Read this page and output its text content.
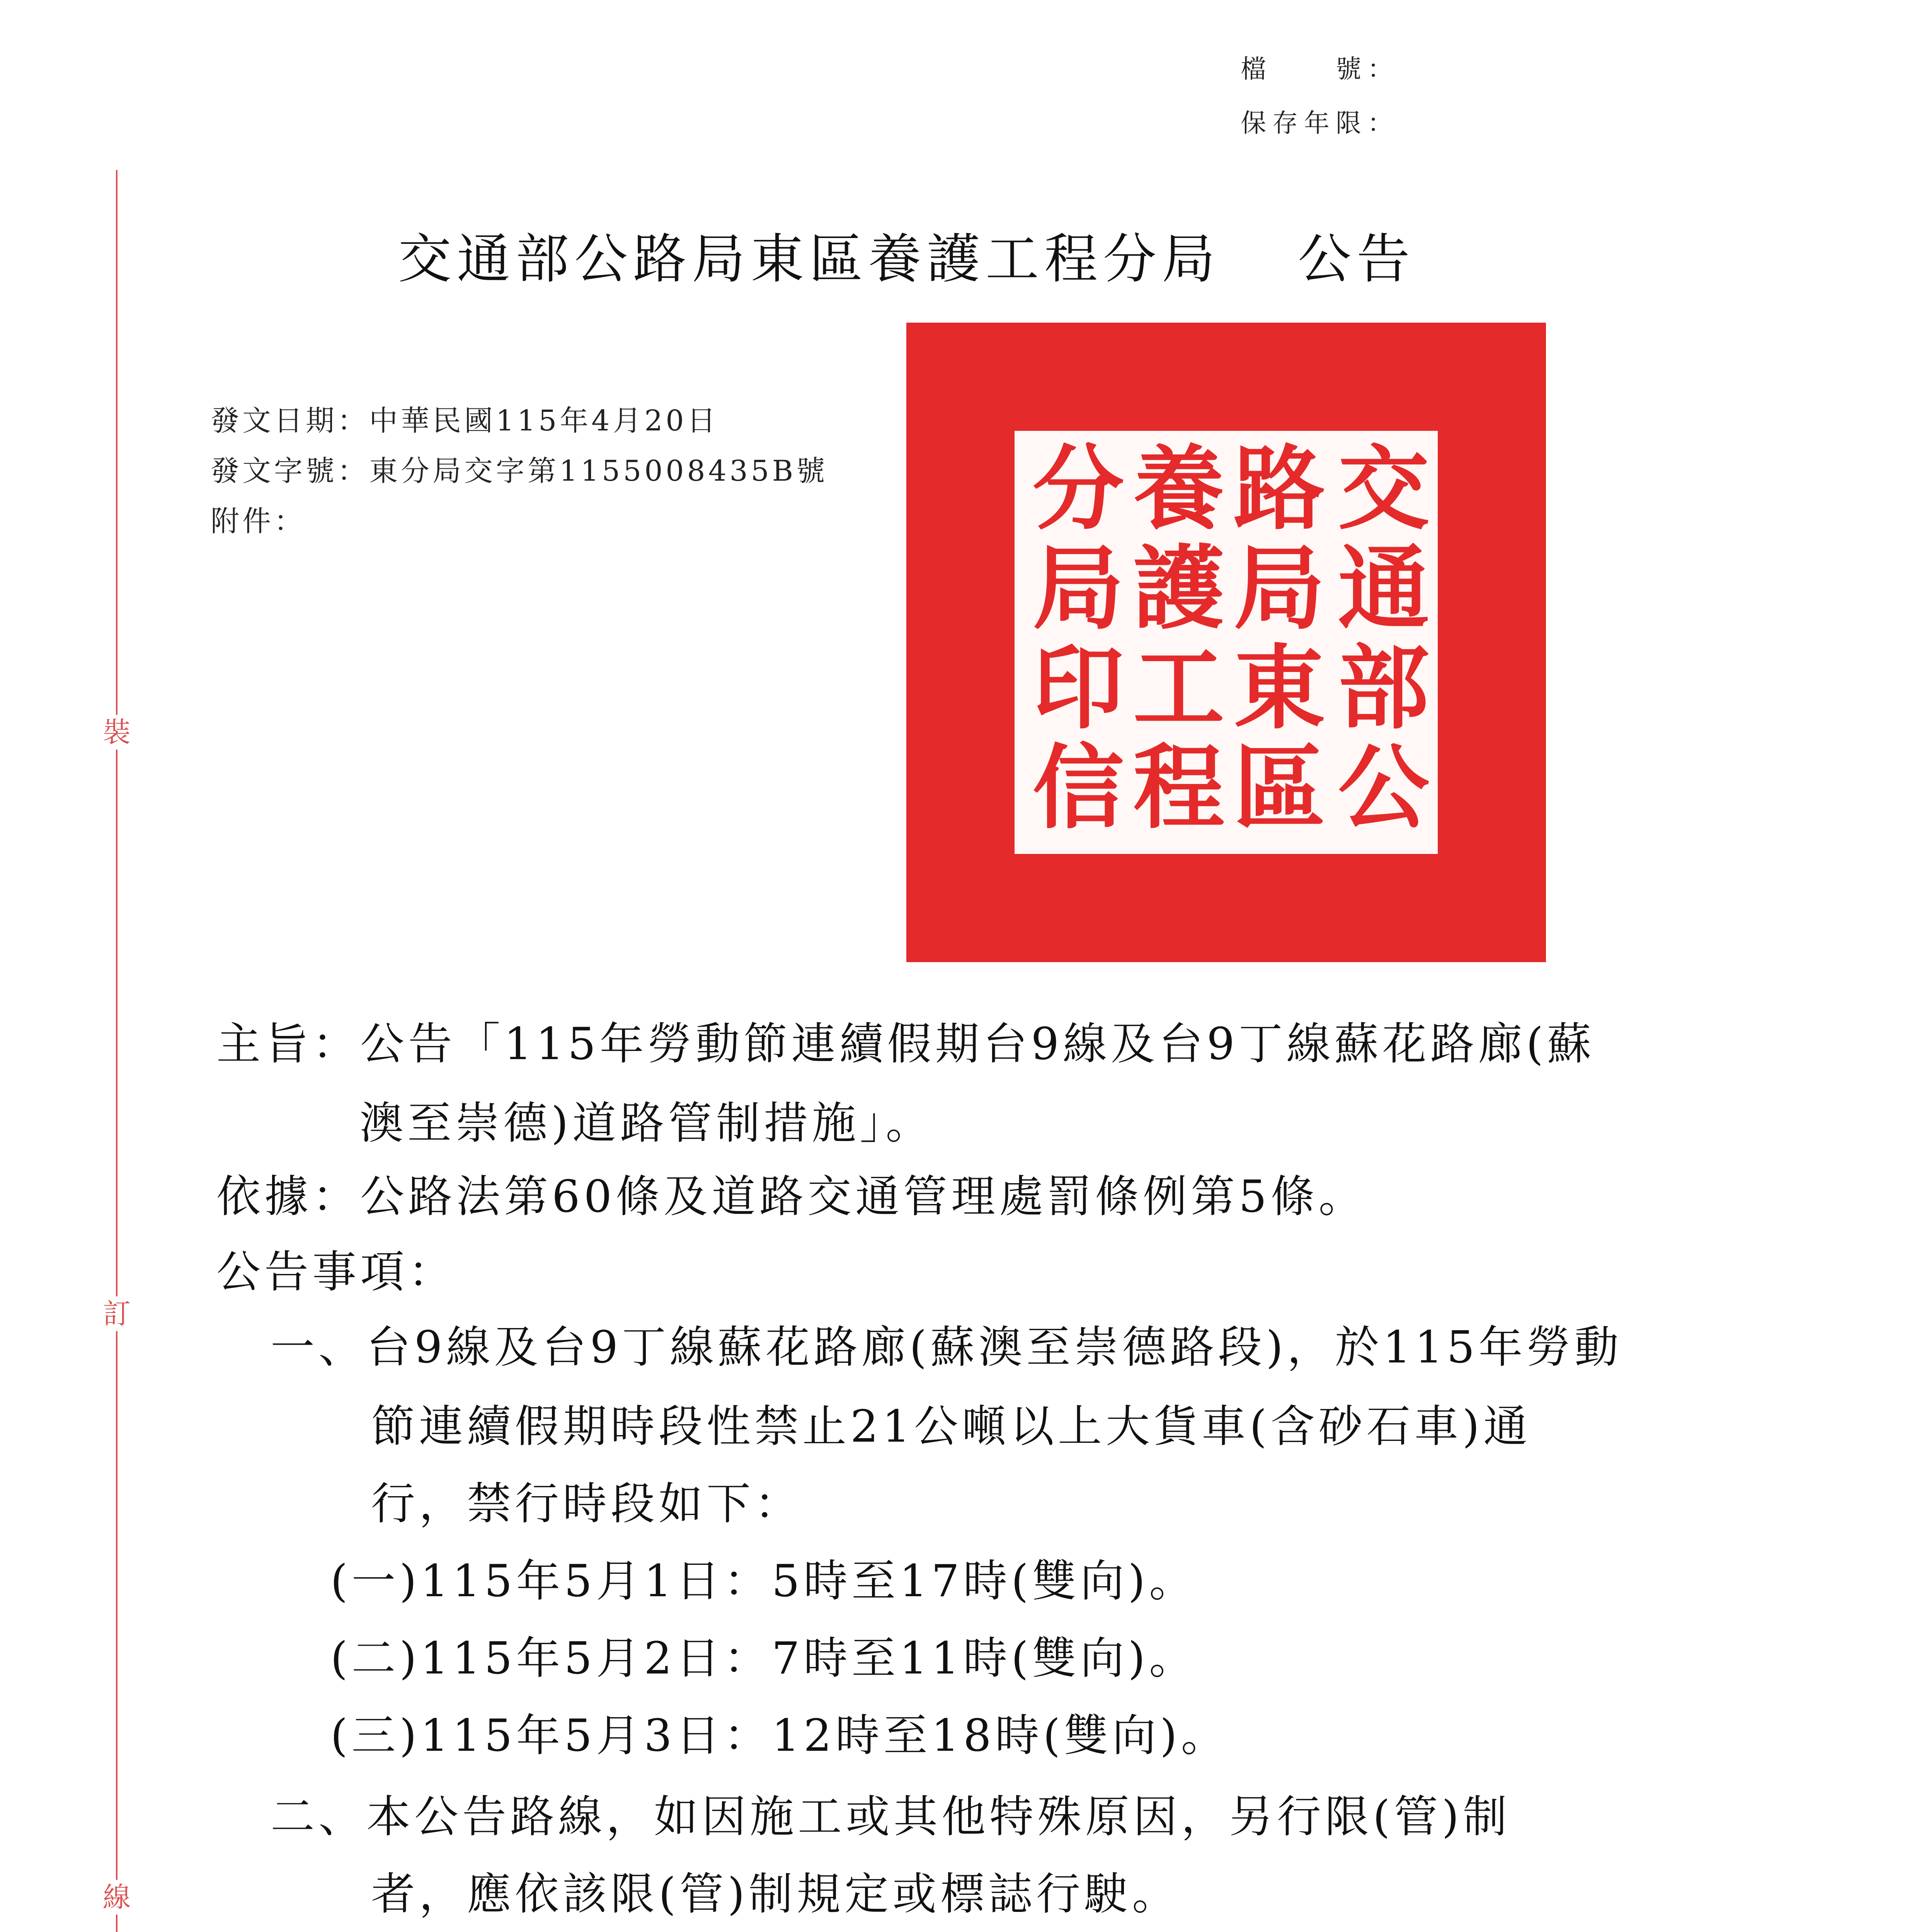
檔　　號：
保存年限：
裝
訂
線
交通部公路局東區養護工程分局 公告
發文日期：中華民國115年4月20日
發文字號：東分局交字第1155008435B號
附件：	交
通
部
公
路
局
東
區
養
護
工
程
分
局
印
信
主旨：公告「115年勞動節連續假期台9線及台9丁線蘇花路廊(蘇
澳至崇德)道路管制措施」。
依據：公路法第60條及道路交通管理處罰條例第5條。
公告事項：
一、台9線及台9丁線蘇花路廊(蘇澳至崇德路段)，於115年勞動
節連續假期時段性禁止21公噸以上大貨車(含砂石車)通
行，禁行時段如下：
(一)115年5月1日：5時至17時(雙向)。
(二)115年5月2日：7時至11時(雙向)。
(三)115年5月3日：12時至18時(雙向)。
二、本公告路線，如因施工或其他特殊原因，另行限(管)制
者，應依該限(管)制規定或標誌行駛。
